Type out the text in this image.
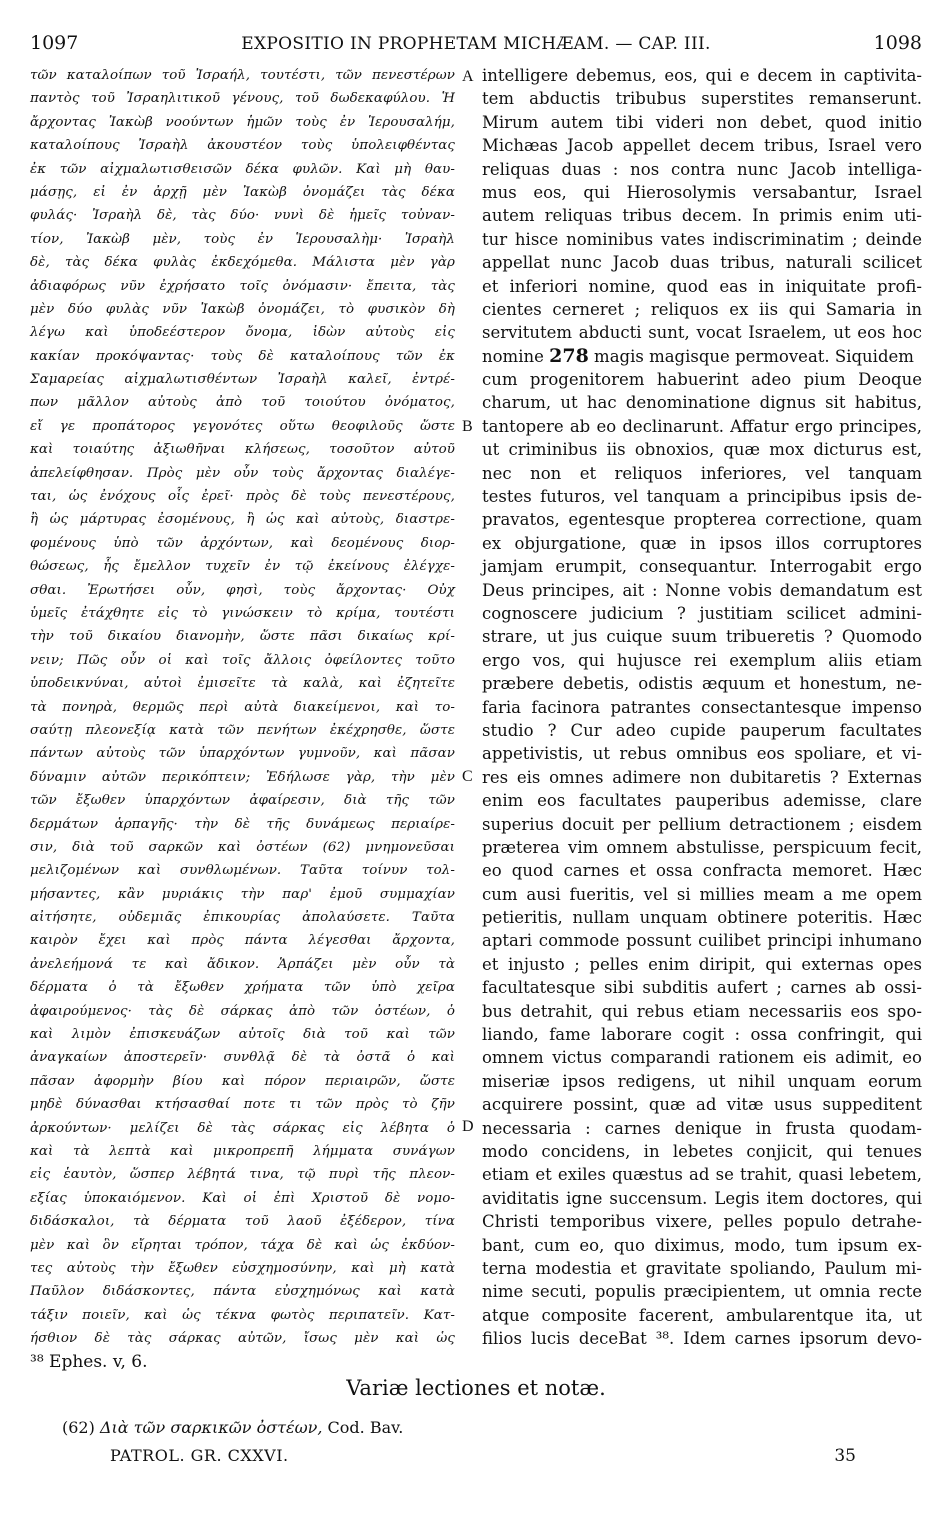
1097	EXPOSITIO IN PROPHETAM MICHÆAM. — CAP. III.	1098
τῶν καταλοίπων τοῦ Ἰσραήλ, τουτέστι, τῶν πενεστέρων
παντὸς τοῦ Ἰσραηλιτικοῦ γένους, τοῦ δωδεκαφύλου. Ἡ
ἄρχοντας Ἰακὼβ νοούντων ἡμῶν τοὺς ἐν Ἱερουσαλήμ,
καταλοίπους Ἰσραὴλ ἀκουστέον τοὺς ὑπολειφθέντας
ἐκ τῶν αἰχμαλωτισθεισῶν δέκα φυλῶν. Καὶ μὴ θαυ-
μάσῃς, εἰ ἐν ἀρχῇ μὲν Ἰακὼβ ὀνομάζει τὰς δέκα
φυλάς· Ἰσραὴλ δὲ, τὰς δύο· νυνὶ δὲ ἡμεῖς τοὐναν-
τίον, Ἰακὼβ μὲν, τοὺς ἐν Ἱερουσαλὴμ· Ἰσραὴλ
δὲ, τὰς δέκα φυλὰς ἐκδεχόμεθα. Μάλιστα μὲν γὰρ
ἀδιαφόρως νῦν ἐχρήσατο τοῖς ὀνόμασιν· ἔπειτα, τὰς
μὲν δύο φυλὰς νῦν Ἰακὼβ ὀνομάζει, τὸ φυσικὸν δὴ
λέγω καὶ ὑποδεέστερον ὄνομα, ἰδὼν αὐτοὺς εἰς
κακίαν προκόψαντας· τοὺς δὲ καταλοίπους τῶν ἐκ
Σαμαρείας αἰχμαλωτισθέντων Ἰσραὴλ καλεῖ, ἐντρέ-
πων μᾶλλον αὐτοὺς ἀπὸ τοῦ τοιούτου ὀνόματος,
εἴ γε προπάτορος γεγονότες οὕτω θεοφιλοῦς ὥστε
καὶ τοιαύτης ἀξιωθῆναι κλήσεως, τοσοῦτον αὐτοῦ
ἀπελείφθησαν. Πρὸς μὲν οὖν τοὺς ἄρχοντας διαλέγε-
ται, ὡς ἐνόχους οἷς ἐρεῖ· πρὸς δὲ τοὺς πενεστέρους,
ἢ ὡς μάρτυρας ἐσομένους, ἢ ὡς καὶ αὐτοὺς, διαστρε-
φομένους ὑπὸ τῶν ἀρχόντων, καὶ δεομένους διορ-
θώσεως, ἧς ἔμελλον τυχεῖν ἐν τῷ ἐκείνους ἐλέγχε-
σθαι. Ἐρωτήσει οὖν, φησὶ, τοὺς ἄρχοντας· Οὐχ
ὑμεῖς ἐτάχθητε εἰς τὸ γινώσκειν τὸ κρίμα, τουτέστι
τὴν τοῦ δικαίου διανομὴν, ὥστε πᾶσι δικαίως κρί-
νειν; Πῶς οὖν οἱ καὶ τοῖς ἄλλοις ὀφείλοντες τοῦτο
ὑποδεικνύναι, αὐτοὶ ἐμισεῖτε τὰ καλὰ, καὶ ἐζητεῖτε
τὰ πονηρὰ, θερμῶς περὶ αὐτὰ διακείμενοι, καὶ το-
σαύτῃ πλεονεξίᾳ κατὰ τῶν πενήτων ἐκέχρησθε, ὥστε
πάντων αὐτοὺς τῶν ὑπαρχόντων γυμνοῦν, καὶ πᾶσαν
δύναμιν αὐτῶν περικόπτειν; Ἐδήλωσε γὰρ, τὴν μὲν
τῶν ἔξωθεν ὑπαρχόντων ἀφαίρεσιν, διὰ τῆς τῶν
δερμάτων ἁρπαγῆς· τὴν δὲ τῆς δυνάμεως περιαίρε-
σιν, διὰ τοῦ σαρκῶν καὶ ὀστέων (62) μνημονεῦσαι
μελιζομένων καὶ συνθλωμένων. Ταῦτα τοίνυν τολ-
μήσαντες, κἂν μυριάκις τὴν παρ' ἐμοῦ συμμαχίαν
αἰτήσητε, οὐδεμιᾶς ἐπικουρίας ἀπολαύσετε. Ταῦτα
καιρὸν ἔχει καὶ πρὸς πάντα λέγεσθαι ἄρχοντα,
ἀνελεήμονά τε καὶ ἄδικον. Ἁρπάζει μὲν οὖν τὰ
δέρματα ὁ τὰ ἔξωθεν χρήματα τῶν ὑπὸ χεῖρα
ἀφαιρούμενος· τὰς δὲ σάρκας ἀπὸ τῶν ὀστέων, ὁ
καὶ λιμὸν ἐπισκευάζων αὐτοῖς διὰ τοῦ καὶ τῶν
ἀναγκαίων ἀποστερεῖν· συνθλᾷ δὲ τὰ ὀστᾶ ὁ καὶ
πᾶσαν ἀφορμὴν βίου καὶ πόρον περιαιρῶν, ὥστε
μηδὲ δύνασθαι κτήσασθαί ποτε τι τῶν πρὸς τὸ ζῆν
ἀρκούντων· μελίζει δὲ τὰς σάρκας εἰς λέβητα ὁ
καὶ τὰ λεπτὰ καὶ μικροπρεπῆ λήμματα συνάγων
εἰς ἑαυτὸν, ὥσπερ λέβητά τινα, τῷ πυρὶ τῆς πλεον-
εξίας ὑποκαιόμενον. Καὶ οἱ ἐπὶ Χριστοῦ δὲ νομο-
διδάσκαλοι, τὰ δέρματα τοῦ λαοῦ ἐξέδερον, τίνα
μὲν καὶ ὃν εἴρηται τρόπον, τάχα δὲ καὶ ὡς ἐκδύον-
τες αὐτοὺς τὴν ἔξωθεν εὐσχημοσύνην, καὶ μὴ κατὰ
Παῦλον διδάσκοντες, πάντα εὐσχημόνως καὶ κατὰ
τάξιν ποιεῖν, καὶ ὡς τέκνα φωτὸς περιπατεῖν. Κατ-
ήσθιον δὲ τὰς σάρκας αὐτῶν, ἴσως μὲν καὶ ὡς
intelligere debemus, eos, qui e decem in captivita-
tem abductis tribubus superstites remanserunt.
Mirum autem tibi videri non debet, quod initio
Michæas Jacob appellet decem tribus, Israel vero
reliquas duas : nos contra nunc Jacob intelliga-
mus eos, qui Hierosolymis versabantur, Israel
autem reliquas tribus decem. In primis enim uti-
tur hisce nominibus vates indiscriminatim ; deinde
appellat nunc Jacob duas tribus, naturali scilicet
et inferiori nomine, quod eas in iniquitate profi-
cientes cerneret ; reliquos ex iis qui Samaria in
servitutem abducti sunt, vocat Israelem, ut eos hoc
nomine 278 magis magisque permoveat. Siquidem
cum progenitorem habuerint adeo pium Deoque
charum, ut hac denominatione dignus sit habitus,
tantopere ab eo declinarunt. Affatur ergo principes,
ut criminibus iis obnoxios, quæ mox dicturus est,
nec non et reliquos inferiores, vel tanquam
testes futuros, vel tanquam a principibus ipsis de-
pravatos, egentesque propterea correctione, quam
ex objurgatione, quæ in ipsos illos corruptores
jamjam erumpit, consequantur. Interrogabit ergo
Deus principes, ait : Nonne vobis demandatum est
cognoscere judicium ? justitiam scilicet admini-
strare, ut jus cuique suum tribueretis ? Quomodo
ergo vos, qui hujusce rei exemplum aliis etiam
præbere debetis, odistis æquum et honestum, ne-
faria facinora patrantes consectantesque impenso
studio ? Cur adeo cupide pauperum facultates
appetivistis, ut rebus omnibus eos spoliare, et vi-
res eis omnes adimere non dubitaretis ? Externas
enim eos facultates pauperibus ademisse, clare
superius docuit per pellium detractionem ; eisdem
præterea vim omnem abstulisse, perspicuum fecit,
eo quod carnes et ossa confracta memoret. Hæc
cum ausi fueritis, vel si millies meam a me opem
petieritis, nullam unquam obtinere poteritis. Hæc
aptari commode possunt cuilibet principi inhumano
et injusto ; pelles enim diripit, qui externas opes
facultatesque sibi subditis aufert ; carnes ab ossi-
bus detrahit, qui rebus etiam necessariis eos spo-
liando, fame laborare cogit : ossa confringit, qui
omnem victus comparandi rationem eis adimit, eo
miseriæ ipsos redigens, ut nihil unquam eorum
acquirere possint, quæ ad vitæ usus suppeditent
necessaria : carnes denique in frusta quodam-
modo concidens, in lebetes conjicit, qui tenues
etiam et exiles quæstus ad se trahit, quasi lebetem,
aviditatis igne succensum. Legis item doctores, qui
Christi temporibus vixere, pelles populo detrahe-
bant, cum eo, quo diximus, modo, tum ipsum ex-
terna modestia et gravitate spoliando, Paulum mi-
nime secuti, populis præcipientem, ut omnia recte
atque composite facerent, ambularentque ita, ut
filios lucis deceBat ³⁸. Idem carnes ipsorum devo-
A
B
C
D
³⁸ Ephes. v, 6.
Variæ lectiones et notæ.
(62) Διὰ τῶν σαρκικῶν ὀστέων, Cod. Bav.
PATROL. GR. CXXVI.	35
